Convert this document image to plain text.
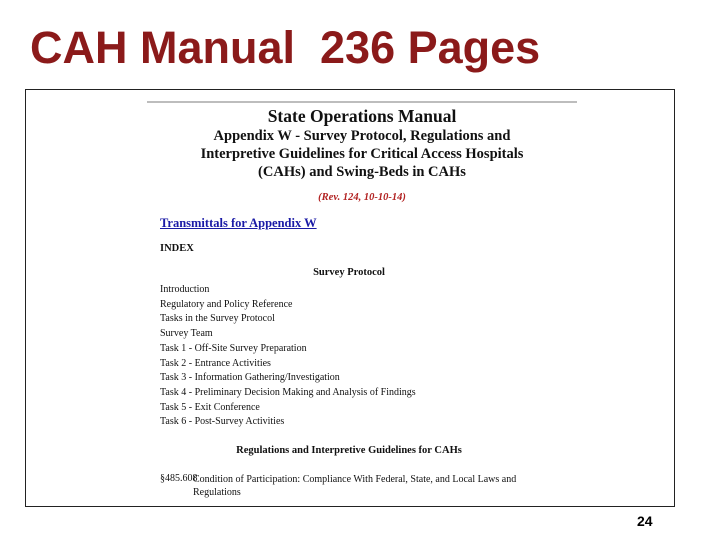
CAH Manual  236 Pages
State Operations Manual
Appendix W - Survey Protocol, Regulations and
Interpretive Guidelines for Critical Access Hospitals
(CAHs) and Swing-Beds in CAHs
(Rev. 124, 10-10-14)
Transmittals for Appendix W
INDEX
Survey Protocol
Introduction
Regulatory and Policy Reference
Tasks in the Survey Protocol
Survey Team
Task 1 - Off-Site Survey Preparation
Task 2 - Entrance Activities
Task 3 - Information Gathering/Investigation
Task 4 - Preliminary Decision Making and Analysis of Findings
Task 5 - Exit Conference
Task 6 - Post-Survey Activities
Regulations and Interpretive Guidelines for CAHs
§485.608
Condition of Participation: Compliance With Federal, State, and Local Laws and Regulations
24
